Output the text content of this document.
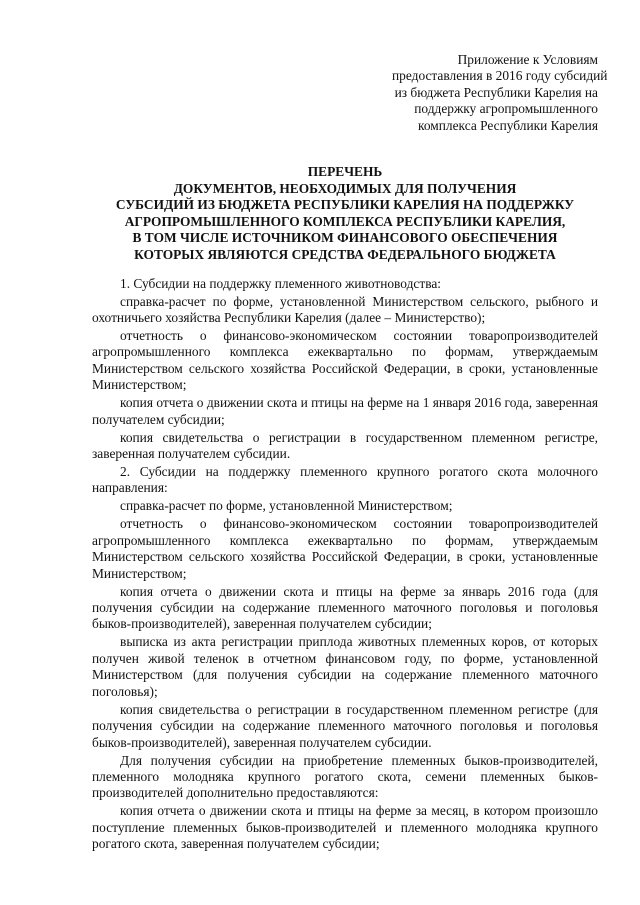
Приложение к Условиям
предоставления в 2016 году субсидий
из бюджета Республики Карелия на
поддержку агропромышленного
комплекса Республики Карелия
ПЕРЕЧЕНЬ
ДОКУМЕНТОВ, НЕОБХОДИМЫХ ДЛЯ ПОЛУЧЕНИЯ
СУБСИДИЙ ИЗ БЮДЖЕТА РЕСПУБЛИКИ КАРЕЛИЯ НА ПОДДЕРЖКУ
АГРОПРОМЫШЛЕННОГО КОМПЛЕКСА РЕСПУБЛИКИ КАРЕЛИЯ,
В ТОМ ЧИСЛЕ ИСТОЧНИКОМ ФИНАНСОВОГО ОБЕСПЕЧЕНИЯ
КОТОРЫХ ЯВЛЯЮТСЯ СРЕДСТВА ФЕДЕРАЛЬНОГО БЮДЖЕТА

1. Субсидии на поддержку племенного животноводства:

справка-расчет по форме, установленной Министерством сельского, рыбного и охотничьего хозяйства Республики Карелия (далее – Министерство);

отчетность о финансово-экономическом состоянии товаропроизводителей агропромышленного комплекса ежеквартально по формам, утверждаемым Министерством сельского хозяйства Российской Федерации, в сроки, установленные Министерством;

копия отчета о движении скота и птицы на ферме на 1 января 2016 года, заверенная получателем субсидии;

копия свидетельства о регистрации в государственном племенном регистре, заверенная получателем субсидии.

2. Субсидии на поддержку племенного крупного рогатого скота молочного направления:

справка-расчет по форме, установленной Министерством;

отчетность о финансово-экономическом состоянии товаропроизводителей агропромышленного комплекса ежеквартально по формам, утверждаемым Министерством сельского хозяйства Российской Федерации, в сроки, установленные Министерством;

копия отчета о движении скота и птицы на ферме за январь 2016 года (для получения субсидии на содержание племенного маточного поголовья и поголовья быков-производителей), заверенная получателем субсидии;

выписка из акта регистрации приплода животных племенных коров, от которых получен живой теленок в отчетном финансовом году, по форме, установленной Министерством (для получения субсидии на содержание племенного маточного поголовья);

копия свидетельства о регистрации в государственном племенном регистре (для получения субсидии на содержание племенного маточного поголовья и поголовья быков-производителей), заверенная получателем субсидии.

Для получения субсидии на приобретение племенных быков-производителей, племенного молодняка крупного рогатого скота, семени племенных быков-производителей дополнительно предоставляются:

копия отчета о движении скота и птицы на ферме за месяц, в котором произошло поступление племенных быков-производителей и племенного молодняка крупного рогатого скота, заверенная получателем субсидии;
